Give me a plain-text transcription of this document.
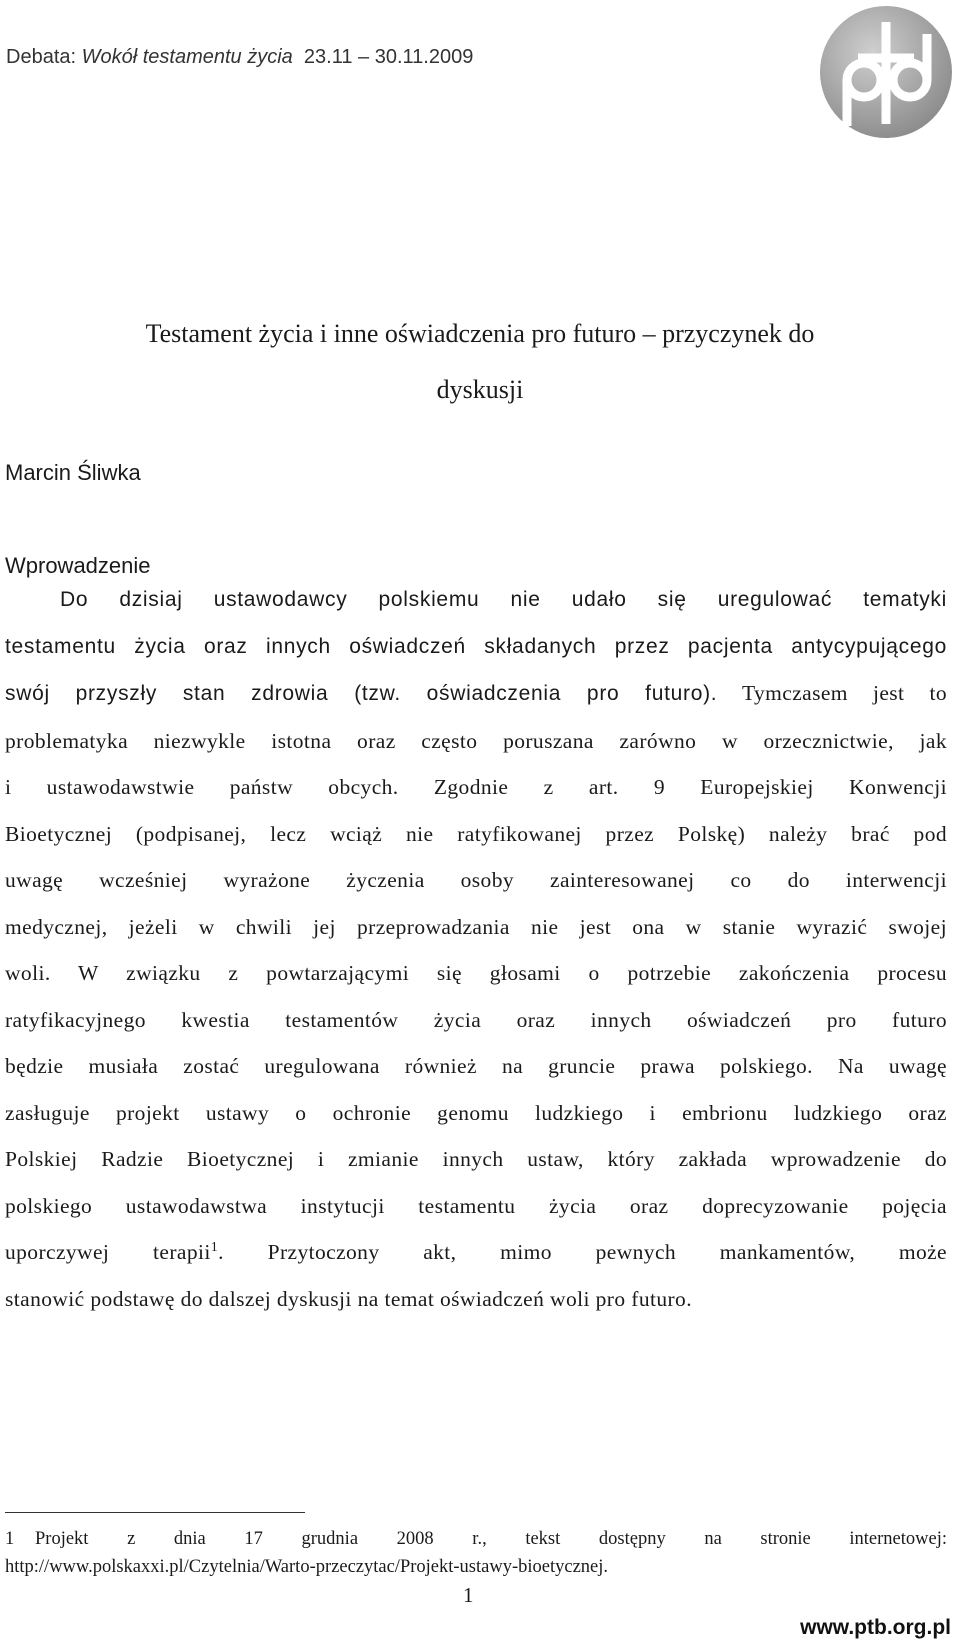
Debata: Wokół testamentu życia  23.11 – 30.11.2009
Testament życia i inne oświadczenia pro futuro – przyczynek do
dyskusji
Marcin Śliwka
Wprowadzenie
Do dzisiaj ustawodawcy polskiemu nie udało się uregulować tematyki
testamentu życia oraz innych oświadczeń składanych przez pacjenta antycypującego
swój przyszły stan zdrowia (tzw. oświadczenia pro futuro). Tymczasem jest to
problematyka niezwykle istotna oraz często poruszana zarówno w orzecznictwie, jak
i ustawodawstwie państw obcych. Zgodnie z art. 9 Europejskiej Konwencji
Bioetycznej (podpisanej, lecz wciąż nie ratyfikowanej przez Polskę) należy brać pod
uwagę wcześniej wyrażone życzenia osoby zainteresowanej co do interwencji
medycznej, jeżeli w chwili jej przeprowadzania nie jest ona w stanie wyrazić swojej
woli. W związku z powtarzającymi się głosami o potrzebie zakończenia procesu
ratyfikacyjnego kwestia testamentów życia oraz innych oświadczeń pro futuro
będzie musiała zostać uregulowana również na gruncie prawa polskiego. Na uwagę
zasługuje projekt ustawy o ochronie genomu ludzkiego i embrionu ludzkiego oraz
Polskiej Radzie Bioetycznej i zmianie innych ustaw, który zakłada wprowadzenie do
polskiego ustawodawstwa instytucji testamentu życia oraz doprecyzowanie pojęcia
uporczywej terapii$^1$. Przytoczony akt, mimo pewnych mankamentów, może
stanowić podstawę do dalszej dyskusji na temat oświadczeń woli pro futuro.
1 Projekt z dnia 17 grudnia 2008 r., tekst dostępny na stronie internetowej:
http://www.polskaxxi.pl/Czytelnia/Warto-przeczytac/Projekt-ustawy-bioetycznej.
1
www.ptb.org.pl
